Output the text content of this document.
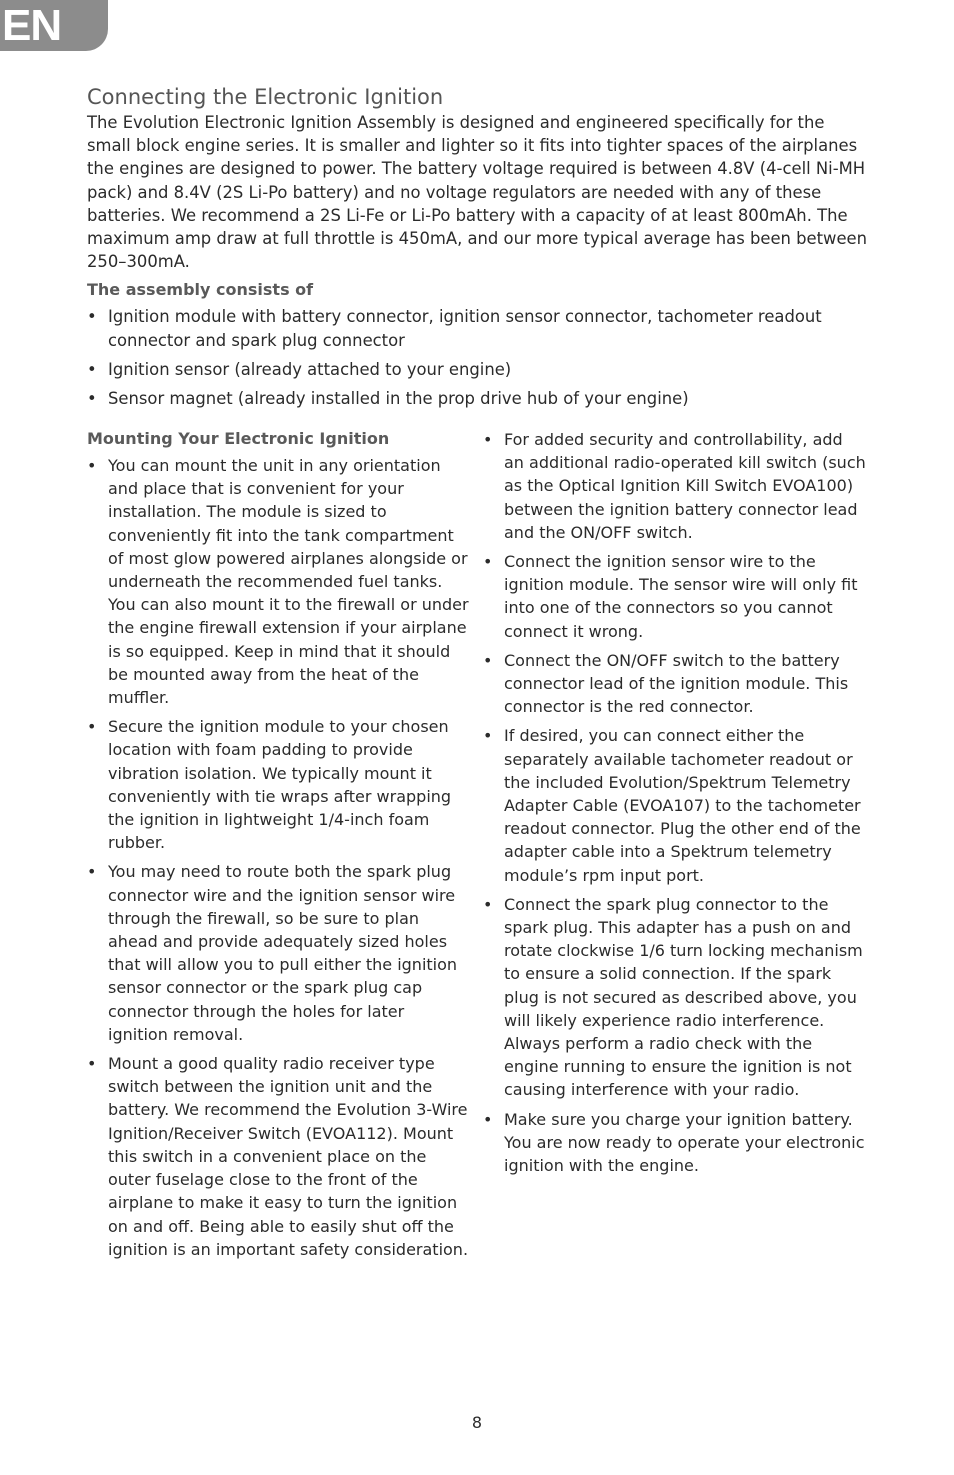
EN
Connecting the Electronic Ignition

The Evolution Electronic Ignition Assembly is designed and engineered specifically for the small block engine series. It is smaller and lighter so it fits into tighter spaces of the airplanes the engines are designed to power. The battery voltage required is between 4.8V (4-cell Ni-MH pack) and 8.4V (2S Li-Po battery) and no voltage regulators are needed with any of these batteries. We recommend a 2S Li-Fe or Li-Po battery with a capacity of at least 800mAh. The maximum amp draw at full throttle is 450mA, and our more typical average has been between 250–300mA.

The assembly consists of
• Ignition module with battery connector, ignition sensor connector, tachometer readout connector and spark plug connector
• Ignition sensor (already attached to your engine)
• Sensor magnet (already installed in the prop drive hub of your engine)
Mounting Your Electronic Ignition
• You can mount the unit in any orientation and place that is convenient for your installation. The module is sized to conveniently fit into the tank compartment of most glow powered airplanes alongside or underneath the recommended fuel tanks. You can also mount it to the firewall or under the engine firewall extension if your airplane is so equipped. Keep in mind that it should be mounted away from the heat of the muffler.
• Secure the ignition module to your chosen location with foam padding to provide vibration isolation. We typically mount it conveniently with tie wraps after wrapping the ignition in lightweight 1/4-inch foam rubber.
• You may need to route both the spark plug connector wire and the ignition sensor wire through the firewall, so be sure to plan ahead and provide adequately sized holes that will allow you to pull either the ignition sensor connector or the spark plug cap connector through the holes for later ignition removal.
• Mount a good quality radio receiver type switch between the ignition unit and the battery. We recommend the Evolution 3-Wire Ignition/Receiver Switch (EVOA112). Mount this switch in a convenient place on the outer fuselage close to the front of the airplane to make it easy to turn the ignition on and off. Being able to easily shut off the ignition is an important safety consideration.
• For added security and controllability, add an additional radio-operated kill switch (such as the Optical Ignition Kill Switch EVOA100) between the ignition battery connector lead and the ON/OFF switch.
• Connect the ignition sensor wire to the ignition module. The sensor wire will only fit into one of the connectors so you cannot connect it wrong.
• Connect the ON/OFF switch to the battery connector lead of the ignition module. This connector is the red connector.
• If desired, you can connect either the separately available tachometer readout or the included Evolution/Spektrum Telemetry Adapter Cable (EVOA107) to the tachometer readout connector. Plug the other end of the adapter cable into a Spektrum telemetry module’s rpm input port.
• Connect the spark plug connector to the spark plug. This adapter has a push on and rotate clockwise 1/6 turn locking mechanism to ensure a solid connection. If the spark plug is not secured as described above, you will likely experience radio interference. Always perform a radio check with the engine running to ensure the ignition is not causing interference with your radio.
• Make sure you charge your ignition battery. You are now ready to operate your electronic ignition with the engine.
8
